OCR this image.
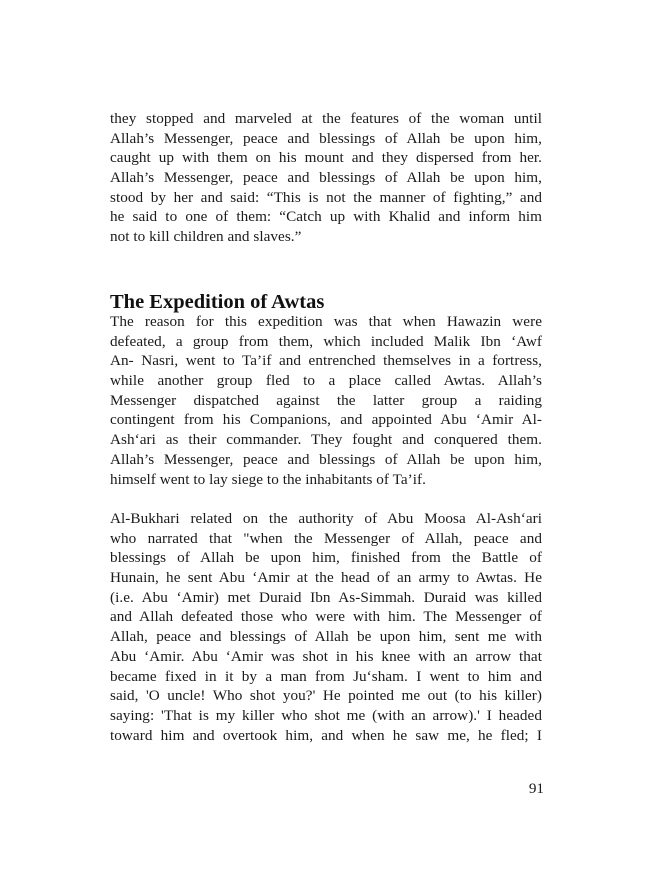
they stopped and marveled at the features of the woman until
Allah’s Messenger, peace and blessings of Allah be upon him,
caught up with them on his mount and they dispersed from her.
Allah’s Messenger, peace and blessings of Allah be upon him,
stood by her and said: “This is not the manner of fighting,” and
he said to one of them: “Catch up with Khalid and inform him
not to kill children and slaves.”
The Expedition of Awtas
The reason for this expedition was that when Hawazin were
defeated, a group from them, which included Malik Ibn ‘Awf
An- Nasri, went to Ta’if and entrenched themselves in a fortress,
while another group fled to a place called Awtas. Allah’s
Messenger dispatched against the latter group a raiding
contingent from his Companions, and appointed Abu ‘Amir Al-
Ash‘ari as their commander. They fought and conquered them.
Allah’s Messenger, peace and blessings of Allah be upon him,
himself went to lay siege to the inhabitants of Ta’if.
Al-Bukhari related on the authority of Abu Moosa Al-Ash‘ari
who narrated that "when the Messenger of Allah, peace and
blessings of Allah be upon him, finished from the Battle of
Hunain, he sent Abu ‘Amir at the head of an army to Awtas. He
(i.e. Abu ‘Amir) met Duraid Ibn As-Simmah. Duraid was killed
and Allah defeated those who were with him. The Messenger of
Allah, peace and blessings of Allah be upon him, sent me with
Abu ‘Amir. Abu ‘Amir was shot in his knee with an arrow that
became fixed in it by a man from Ju‘sham. I went to him and
said, 'O uncle! Who shot you?' He pointed me out (to his killer)
saying: 'That is my killer who shot me (with an arrow).' I headed
toward him and overtook him, and when he saw me, he fled; I
91
